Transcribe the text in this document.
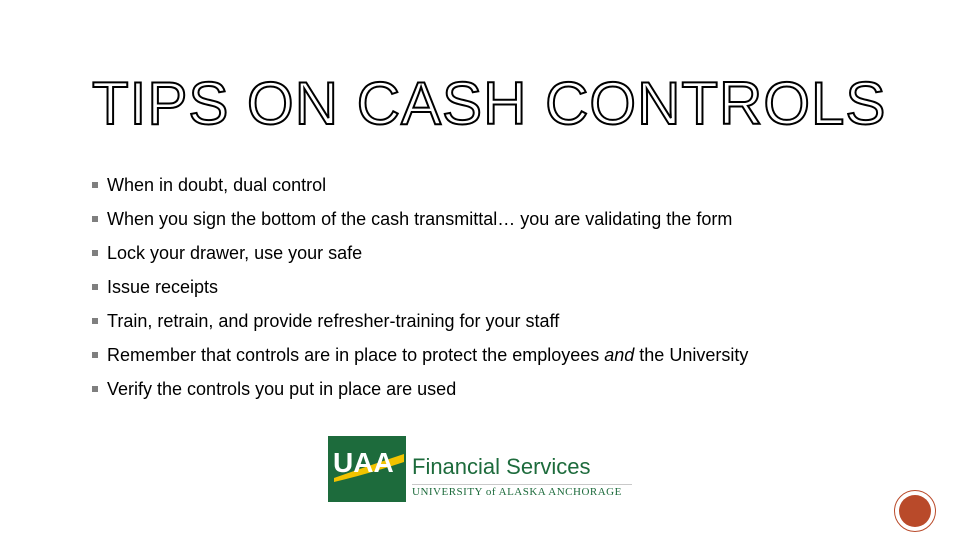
TIPS ON CASH CONTROLS
When in doubt, dual control
When you sign the bottom of the cash transmittal… you are validating the form
Lock your drawer, use your safe
Issue receipts
Train, retrain, and provide refresher-training for your staff
Remember that controls are in place to protect the employees and the University
Verify the controls you put in place are used
UAA Financial Services
UNIVERSITY of ALASKA ANCHORAGE
